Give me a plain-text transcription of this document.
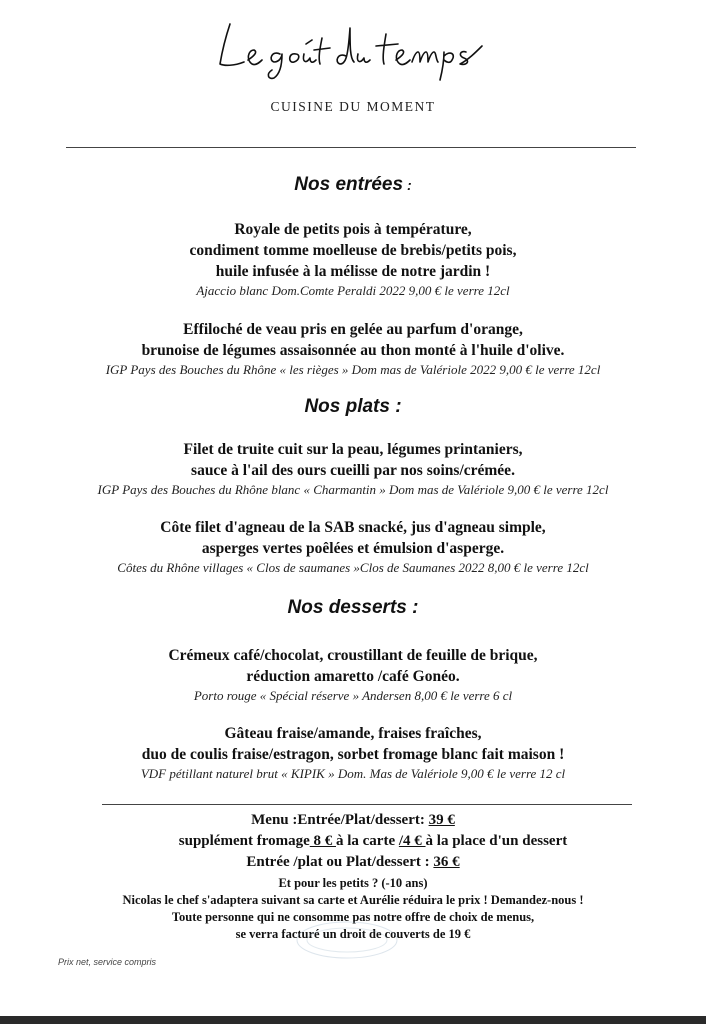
CUISINE DU MOMENT
Nos entrées :
Royale de petits pois à température,
condiment tomme moelleuse de brebis/petits pois,
huile infusée à la mélisse de notre jardin !
Ajaccio blanc Dom.Comte Peraldi 2022 9,00 € le verre 12cl
Effiloché de veau pris en gelée au parfum d'orange,
brunoise de légumes assaisonnée au thon monté à l'huile d'olive.
IGP Pays des Bouches du Rhône « les rièges » Dom mas de Valériole 2022 9,00 € le verre 12cl
Nos plats :
Filet de truite cuit sur la peau, légumes printaniers,
sauce à l'ail des ours cueilli par nos soins/crémée.
IGP Pays des Bouches du Rhône blanc « Charmantin » Dom mas de Valériole 9,00 € le verre 12cl
Côte filet d'agneau de la SAB snacké, jus d'agneau simple,
asperges vertes poêlées et émulsion d'asperge.
Côtes du Rhône villages « Clos de saumanes »Clos de Saumanes 2022 8,00 € le verre 12cl
Nos desserts :
Crémeux café/chocolat, croustillant de feuille de brique,
réduction amaretto /café Gonéo.
Porto rouge « Spécial réserve » Andersen 8,00 € le verre 6 cl
Gâteau fraise/amande, fraises fraîches,
duo de coulis fraise/estragon, sorbet fromage blanc fait maison !
VDF pétillant naturel brut « KIPIK » Dom. Mas de Valériole 9,00 € le verre 12 cl
Menu :Entrée/Plat/dessert: 39 €
supplément fromage 8 € à la carte /4 € à la place d'un dessert
Entrée /plat ou Plat/dessert : 36 €
Et pour les petits ? (-10 ans)
Nicolas le chef s'adaptera suivant sa carte et Aurélie réduira le prix ! Demandez-nous !
Toute personne qui ne consomme pas notre offre de choix de menus,
se verra facturé un droit de couverts de 19 €
Prix net, service compris
